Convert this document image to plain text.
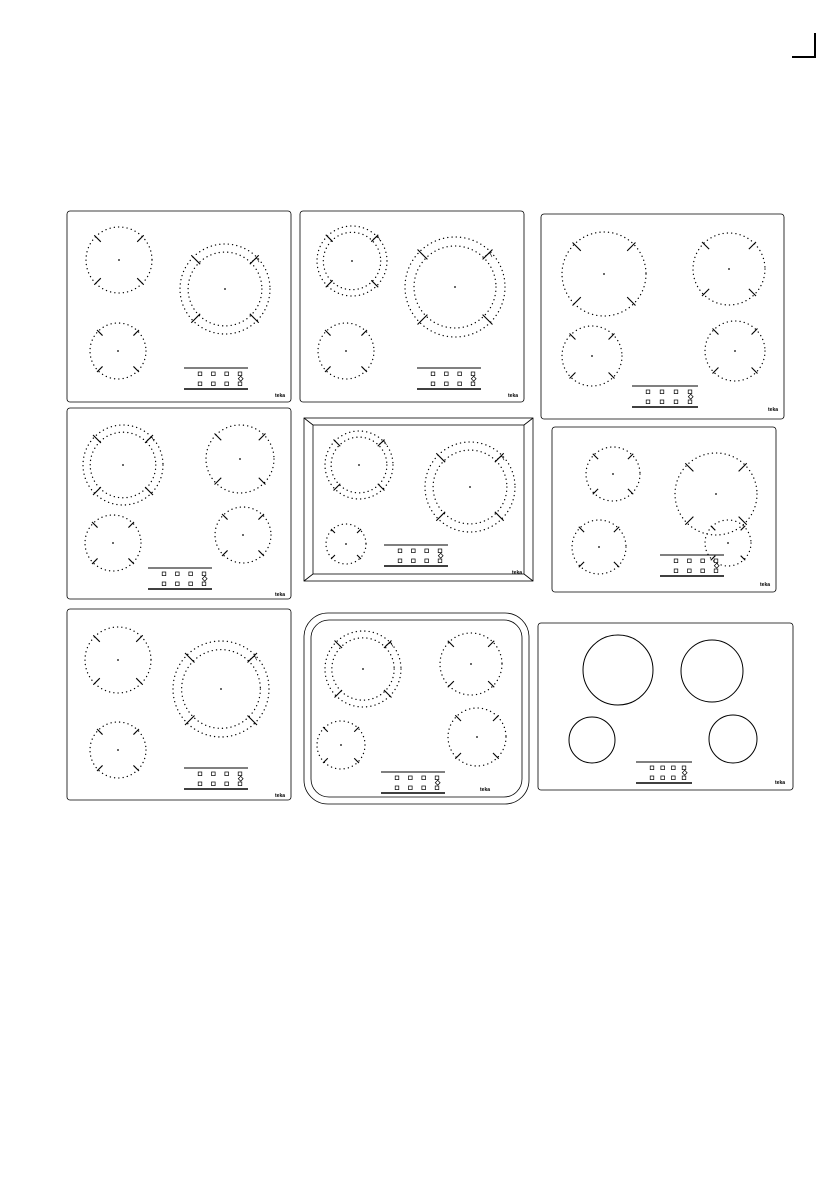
teka	teka
teka
teka
teka
teka
teka
teka
teka
